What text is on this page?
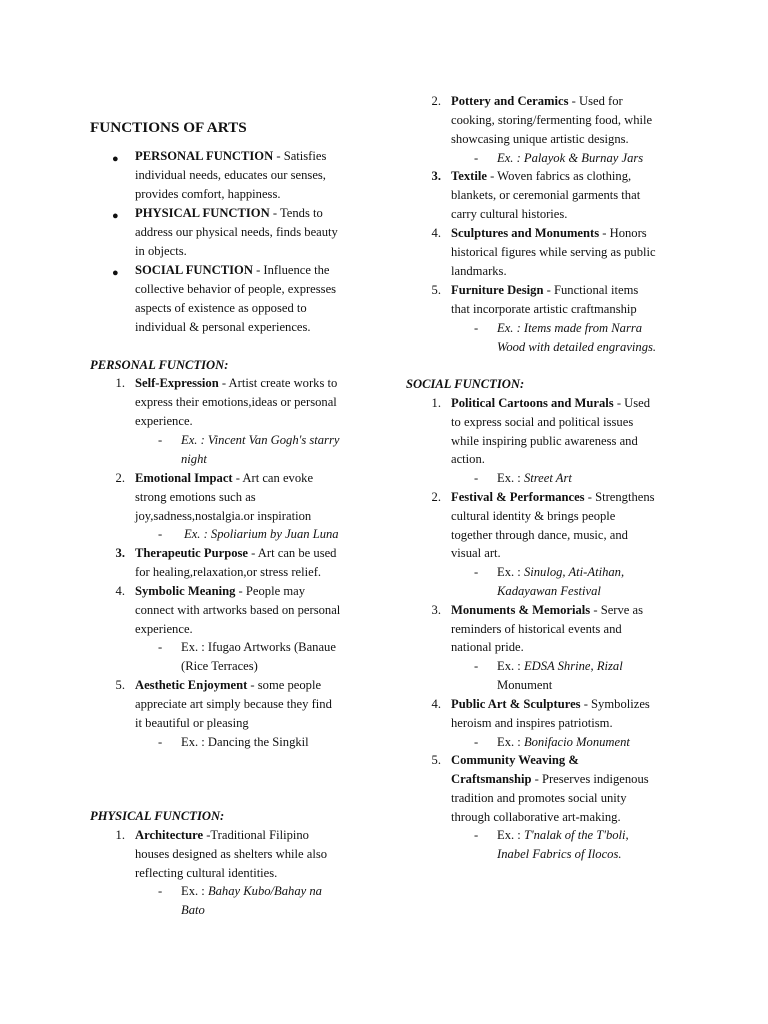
FUNCTIONS OF ARTS
● PERSONAL FUNCTION - Satisfies
individual needs, educates our senses,
provides comfort, happiness.
● PHYSICAL FUNCTION - Tends to
address our physical needs, finds beauty
in objects.
● SOCIAL FUNCTION - Influence the
collective behavior of people, expresses
aspects of existence as opposed to
individual & personal experiences.
PERSONAL FUNCTION:
1. Self-Expression - Artist create works to
express their emotions,ideas or personal
experience.
- Ex. : Vincent Van Gogh's starry
night
2. Emotional Impact - Art can evoke
strong emotions such as
joy,sadness,nostalgia.or inspiration
- Ex. : Spoliarium by Juan Luna
3. Therapeutic Purpose - Art can be used
for healing,relaxation,or stress relief.
4. Symbolic Meaning - People may
connect with artworks based on personal
experience.
- Ex. : Ifugao Artworks (Banaue
(Rice Terraces)
5. Aesthetic Enjoyment - some people
appreciate art simply because they find
it beautiful or pleasing
- Ex. : Dancing the Singkil
PHYSICAL FUNCTION:
1. Architecture -Traditional Filipino
houses designed as shelters while also
reflecting cultural identities.
- Ex. : Bahay Kubo/Bahay na
Bato
2. Pottery and Ceramics - Used for
cooking, storing/fermenting food, while
showcasing unique artistic designs.
- Ex. : Palayok & Burnay Jars
3. Textile - Woven fabrics as clothing,
blankets, or ceremonial garments that
carry cultural histories.
4. Sculptures and Monuments - Honors
historical figures while serving as public
landmarks.
5. Furniture Design - Functional items
that incorporate artistic craftmanship
- Ex. : Items made from Narra
Wood with detailed engravings.
SOCIAL FUNCTION:
1. Political Cartoons and Murals - Used
to express social and political issues
while inspiring public awareness and
action.
- Ex. : Street Art
2. Festival & Performances - Strengthens
cultural identity & brings people
together through dance, music, and
visual art.
- Ex. : Sinulog, Ati-Atihan,
Kadayawan Festival
3. Monuments & Memorials - Serve as
reminders of historical events and
national pride.
- Ex. : EDSA Shrine, Rizal
Monument
4. Public Art & Sculptures - Symbolizes
heroism and inspires patriotism.
- Ex. : Bonifacio Monument
5. Community Weaving &
Craftsmanship - Preserves indigenous
tradition and promotes social unity
through collaborative art-making.
- Ex. : T'nalak of the T'boli,
Inabel Fabrics of Ilocos.
